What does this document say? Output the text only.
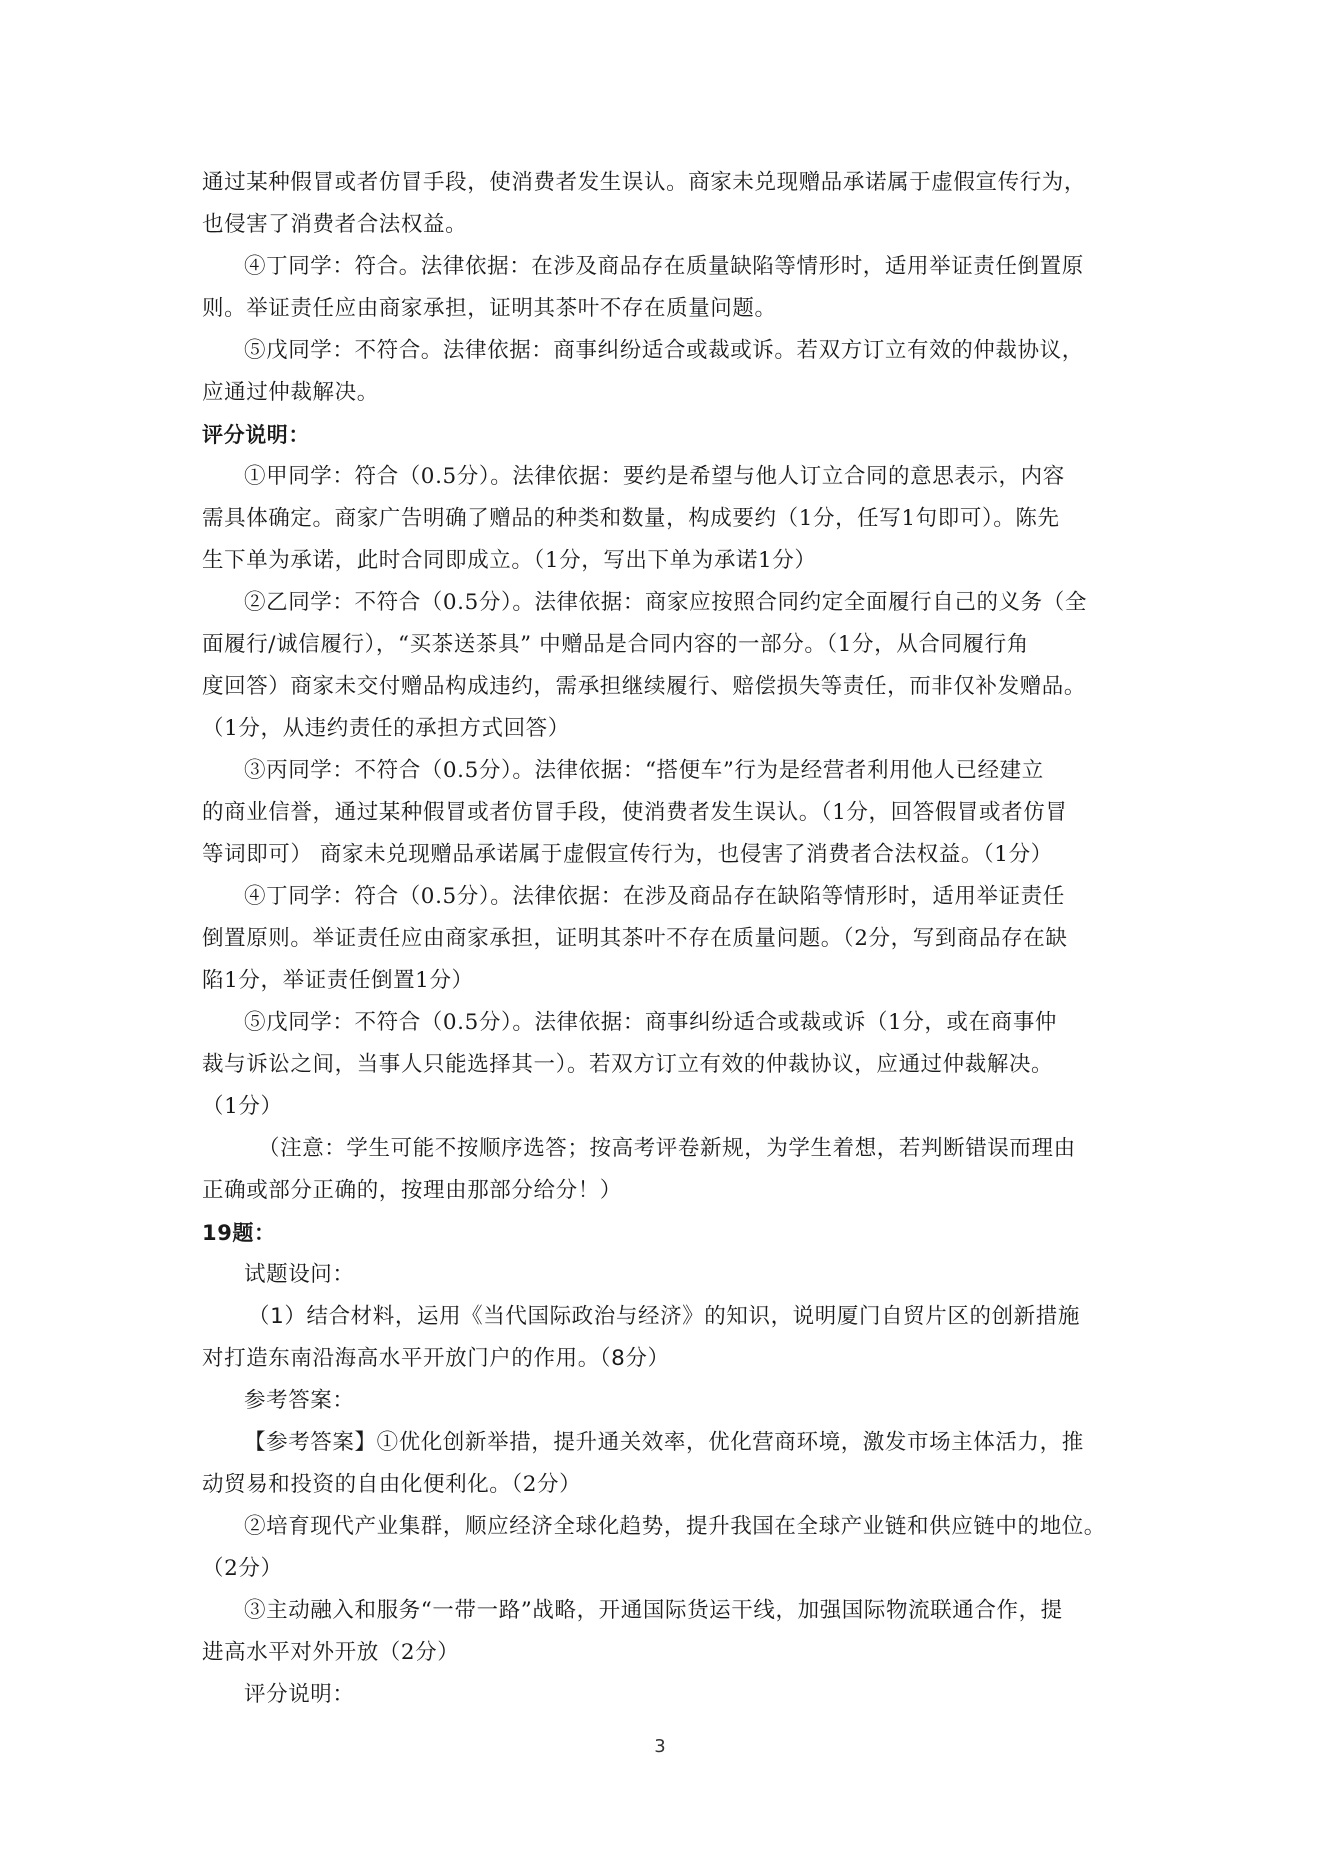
通过某种假冒或者仿冒手段，使消费者发生误认。商家未兑现赠品承诺属于虚假宣传行为，
也侵害了消费者合法权益。
④丁同学：符合。法律依据：在涉及商品存在质量缺陷等情形时，适用举证责任倒置原
则。举证责任应由商家承担，证明其茶叶不存在质量问题。
⑤戊同学：不符合。法律依据：商事纠纷适合或裁或诉。若双方订立有效的仲裁协议，
应通过仲裁解决。
评分说明：
①甲同学：符合（0.5分）。法律依据：要约是希望与他人订立合同的意思表示，内容
需具体确定。商家广告明确了赠品的种类和数量，构成要约（1分，任写1句即可）。陈先
生下单为承诺，此时合同即成立。（1分，写出下单为承诺1分）
②乙同学：不符合（0.5分）。法律依据：商家应按照合同约定全面履行自己的义务（全
面履行/诚信履行），“买茶送茶具” 中赠品是合同内容的一部分。（1分，从合同履行角
度回答）商家未交付赠品构成违约，需承担继续履行、赔偿损失等责任，而非仅补发赠品。
（1分，从违约责任的承担方式回答）
③丙同学：不符合（0.5分）。法律依据：“搭便车”行为是经营者利用他人已经建立
的商业信誉，通过某种假冒或者仿冒手段，使消费者发生误认。（1分，回答假冒或者仿冒
等词即可） 商家未兑现赠品承诺属于虚假宣传行为，也侵害了消费者合法权益。（1分）
④丁同学：符合（0.5分）。法律依据：在涉及商品存在缺陷等情形时，适用举证责任
倒置原则。举证责任应由商家承担，证明其茶叶不存在质量问题。（2分，写到商品存在缺
陷1分，举证责任倒置1分）
⑤戊同学：不符合（0.5分）。法律依据：商事纠纷适合或裁或诉（1分，或在商事仲
裁与诉讼之间，当事人只能选择其一）。若双方订立有效的仲裁协议，应通过仲裁解决。
（1分）
（注意：学生可能不按顺序选答；按高考评卷新规，为学生着想，若判断错误而理由
正确或部分正确的，按理由那部分给分！）
19题：
试题设问：
（1）结合材料，运用《当代国际政治与经济》的知识，说明厦门自贸片区的创新措施
对打造东南沿海高水平开放门户的作用。（8分）
参考答案：
【参考答案】①优化创新举措，提升通关效率，优化营商环境，激发市场主体活力，推
动贸易和投资的自由化便利化。（2分）
②培育现代产业集群，顺应经济全球化趋势，提升我国在全球产业链和供应链中的地位。
（2分）
③主动融入和服务“一带一路”战略，开通国际货运干线，加强国际物流联通合作，提
进高水平对外开放（2分）
评分说明：
3
